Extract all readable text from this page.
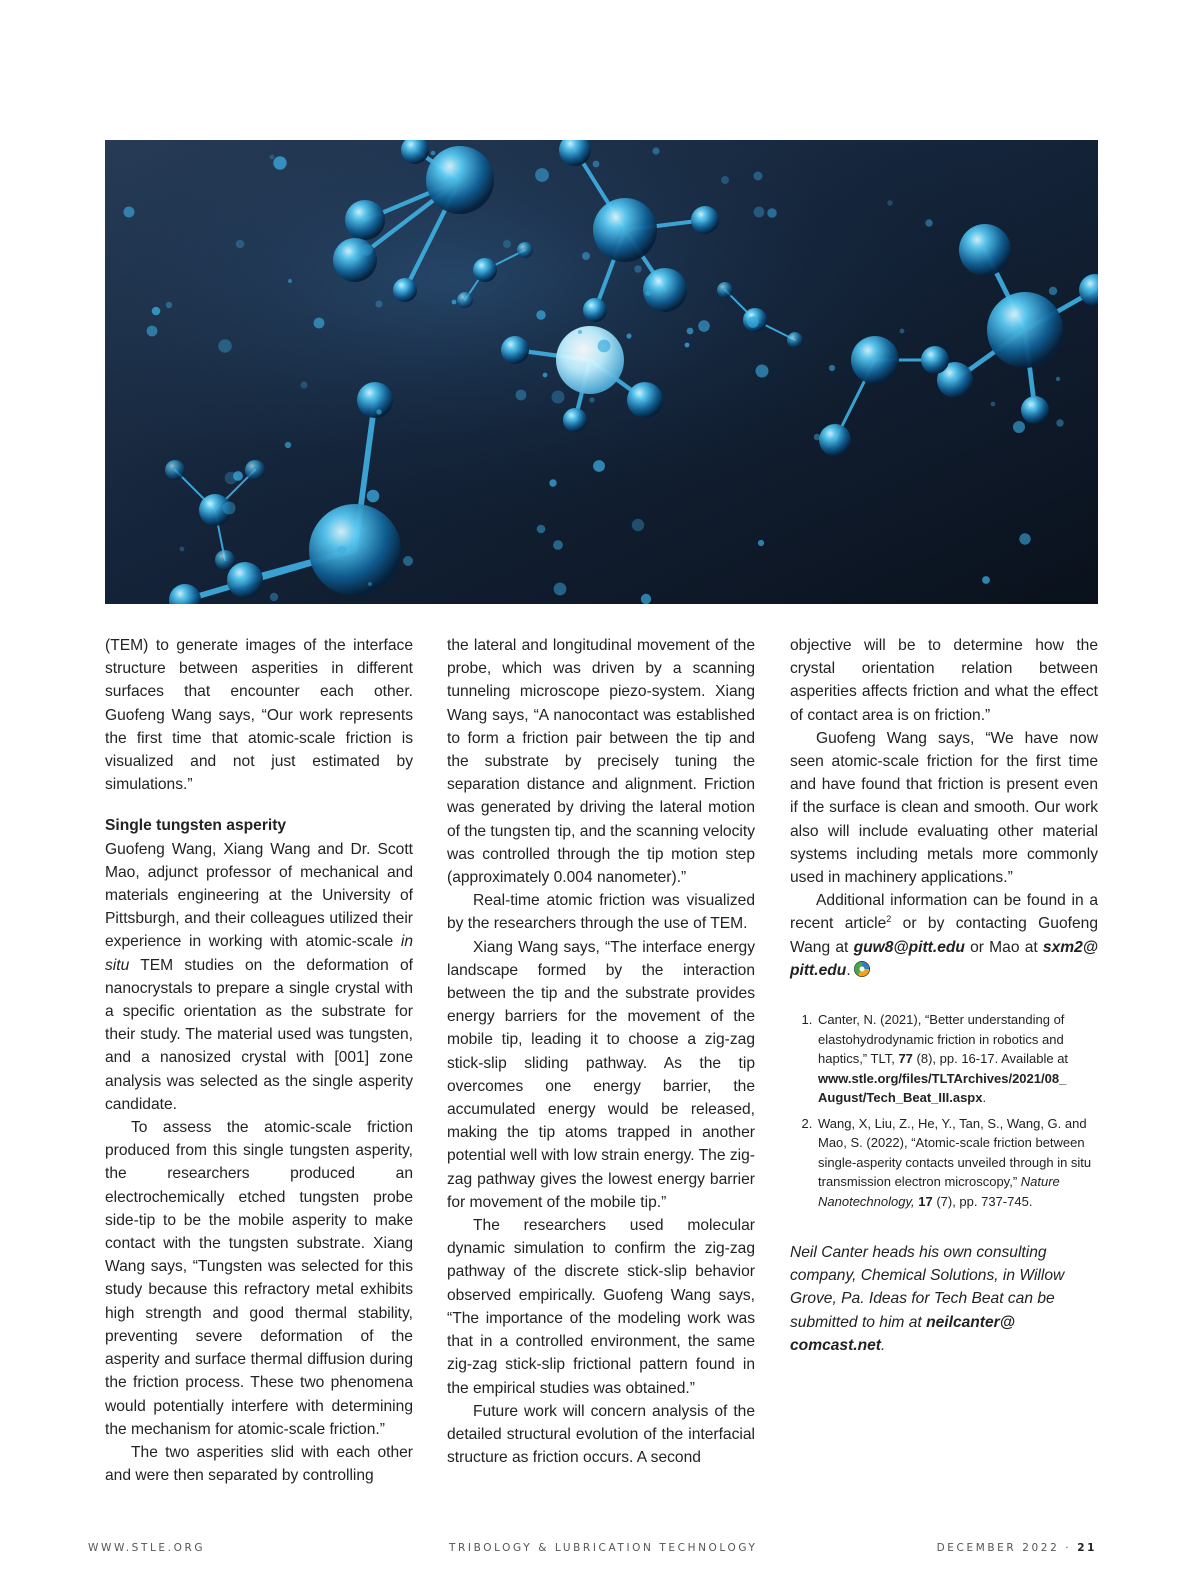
(TEM) to generate images of the interface structure between asperities in different surfaces that encounter each other. Guofeng Wang says, “Our work represents the first time that atomic-scale friction is visualized and not just estimated by simulations.”

Single tungsten asperity

Guofeng Wang, Xiang Wang and Dr. Scott Mao, adjunct professor of mechanical and materials engineering at the University of Pittsburgh, and their colleagues utilized their experience in working with atomic-scale in situ TEM studies on the deformation of nanocrystals to prepare a single crystal with a specific orientation as the substrate for their study. The material used was tungsten, and a nanosized crystal with [001] zone analysis was selected as the single asperity candidate.

To assess the atomic-scale friction produced from this single tungsten asperity, the researchers produced an electrochemically etched tungsten probe side-tip to be the mobile asperity to make contact with the tungsten substrate. Xiang Wang says, “Tungsten was selected for this study because this refractory metal exhibits high strength and good thermal stability, preventing severe deformation of the asperity and surface thermal diffusion during the friction process. These two phenomena would potentially interfere with determining the mechanism for atomic-scale friction.”

The two asperities slid with each other and were then separated by controlling

the lateral and longitudinal movement of the probe, which was driven by a scanning tunneling microscope piezo-system. Xiang Wang says, “A nanocontact was established to form a friction pair between the tip and the substrate by precisely tuning the separation distance and alignment. Friction was generated by driving the lateral motion of the tungsten tip, and the scanning velocity was controlled through the tip motion step (approximately 0.004 nanometer).”

Real-time atomic friction was visualized by the researchers through the use of TEM.

Xiang Wang says, “The interface energy landscape formed by the interaction between the tip and the substrate provides energy barriers for the movement of the mobile tip, leading it to choose a zig-zag stick-slip sliding pathway. As the tip overcomes one energy barrier, the accumulated energy would be released, making the tip atoms trapped in another potential well with low strain energy. The zig-zag pathway gives the lowest energy barrier for movement of the mobile tip.”

The researchers used molecular dynamic simulation to confirm the zig-zag pathway of the discrete stick-slip behavior observed empirically. Guofeng Wang says, “The importance of the modeling work was that in a controlled environment, the same zig-zag stick-slip frictional pattern found in the empirical studies was obtained.”

Future work will concern analysis of the detailed structural evolution of the interfacial structure as friction occurs. A second

objective will be to determine how the crystal orientation relation between asperities affects friction and what the effect of contact area is on friction.”

Guofeng Wang says, “We have now seen atomic-scale friction for the first time and have found that friction is present even if the surface is clean and smooth. Our work also will include evaluating other material systems including metals more commonly used in machinery applications.”

Additional information can be found in a recent article$^2$ or by contacting Guofeng Wang at guw8@pitt.edu or Mao at sxm2@ pitt.edu.

1. Canter, N. (2021), “Better understanding of elastohydrodynamic friction in robotics and haptics,” TLT, 77 (8), pp. 16-17. Available at www.stle.org/files/TLTArchives/2021/08_ August/Tech_Beat_III.aspx.
2. Wang, X, Liu, Z., He, Y., Tan, S., Wang, G. and Mao, S. (2022), “Atomic-scale friction between single-asperity contacts unveiled through in situ transmission electron microscopy,” Nature Nanotechnology, 17 (7), pp. 737-745.

Neil Canter heads his own consulting company, Chemical Solutions, in Willow Grove, Pa. Ideas for Tech Beat can be submitted to him at neilcanter@ comcast.net.

WWW.STLE.ORG	TRIBOLOGY & LUBRICATION TECHNOLOGY	DECEMBER 2022 · 21
